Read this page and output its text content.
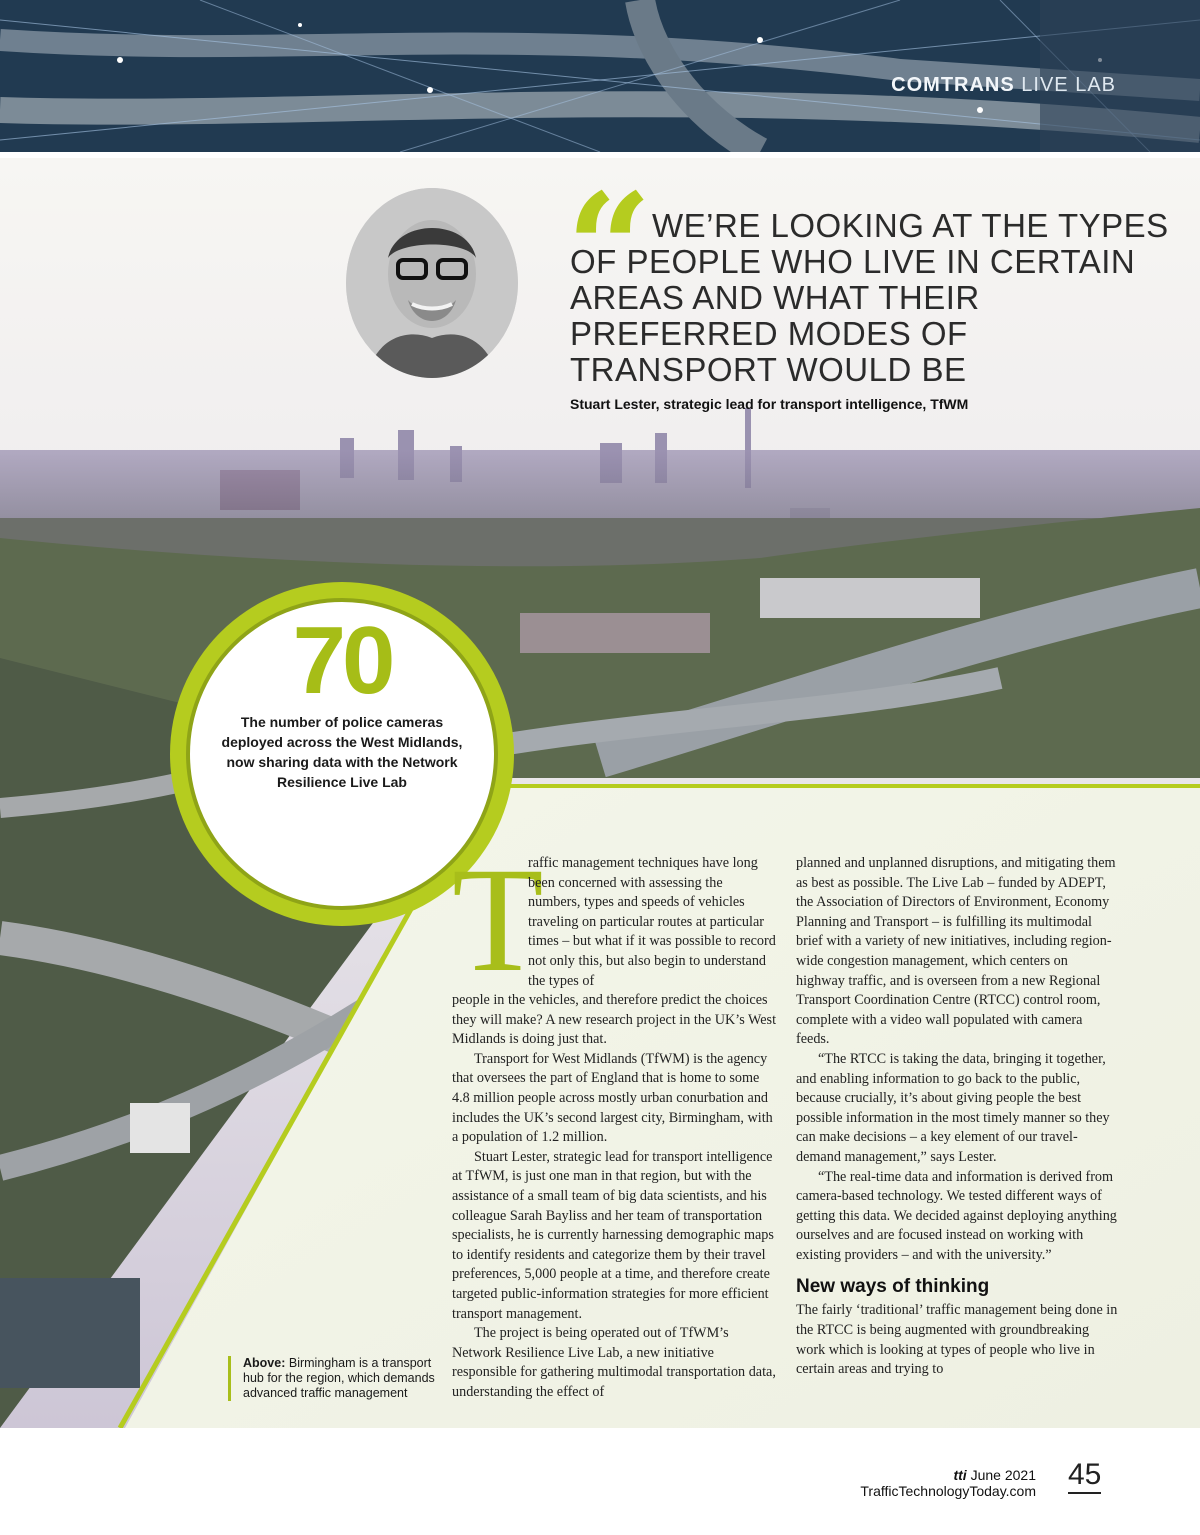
COMTRANS LIVE LAB
“ WE’RE LOOKING AT THE TYPES OF PEOPLE WHO LIVE IN CERTAIN AREAS AND WHAT THEIR PREFERRED MODES OF TRANSPORT WOULD BE
Stuart Lester, strategic lead for transport intelligence, TfWM
70
The number of police cameras deployed across the West Midlands, now sharing data with the Network Resilience Live Lab
T

raffic management techniques have long been concerned with assessing the numbers, types and speeds of vehicles traveling on particular routes at particular times – but what if it was possible to record not only this, but also begin to understand the types of

people in the vehicles, and therefore predict the choices they will make? A new research project in the UK’s West Midlands is doing just that.

Transport for West Midlands (TfWM) is the agency that oversees the part of England that is home to some 4.8 million people across mostly urban conurbation and includes the UK’s second largest city, Birmingham, with a population of 1.2 million.

Stuart Lester, strategic lead for transport intelligence at TfWM, is just one man in that region, but with the assistance of a small team of big data scientists, and his colleague Sarah Bayliss and her team of transportation specialists, he is currently harnessing demographic maps to identify residents and categorize them by their travel preferences, 5,000 people at a time, and therefore create targeted public-information strategies for more efficient transport management.

The project is being operated out of TfWM’s Network Resilience Live Lab, a new initiative responsible for gathering multimodal transportation data, understanding the effect of

planned and unplanned disruptions, and mitigating them as best as possible. The Live Lab – funded by ADEPT, the Association of Directors of Environment, Economy Planning and Transport – is fulfilling its multimodal brief with a variety of new initiatives, including region-wide congestion management, which centers on highway traffic, and is overseen from a new Regional Transport Coordination Centre (RTCC) control room, complete with a video wall populated with camera feeds.

“The RTCC is taking the data, bringing it together, and enabling information to go back to the public, because crucially, it’s about giving people the best possible information in the most timely manner so they can make decisions – a key element of our travel-demand management,” says Lester.

“The real-time data and information is derived from camera-based technology. We tested different ways of getting this data. We decided against deploying anything ourselves and are focused instead on working with existing providers – and with the university.”

New ways of thinking

The fairly ‘traditional’ traffic management being done in the RTCC is being augmented with groundbreaking work which is looking at types of people who live in certain areas and trying to

Above: Birmingham is a transport hub for the region, which demands advanced traffic management
tti June 2021
TrafficTechnologyToday.com 45
